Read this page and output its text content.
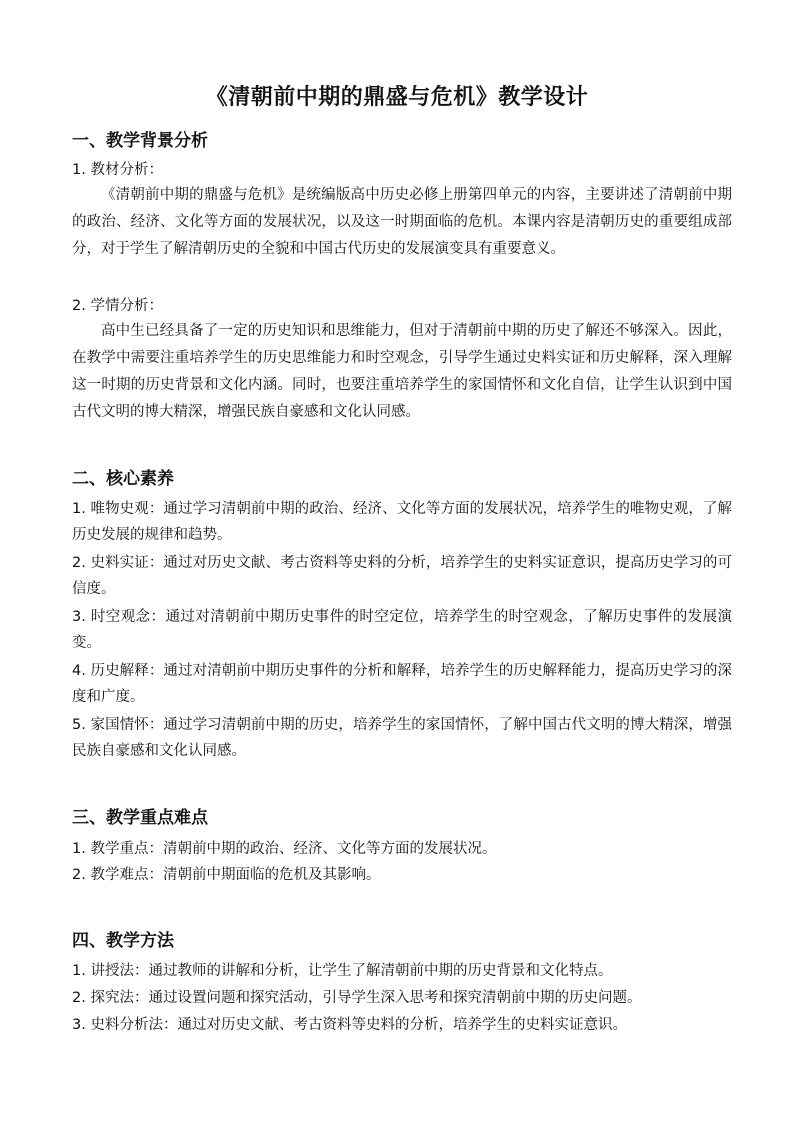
《清朝前中期的鼎盛与危机》教学设计
一、教学背景分析
1. 教材分析：
《清朝前中期的鼎盛与危机》是统编版高中历史必修上册第四单元的内容，主要讲述了清朝前中期的政治、经济、文化等方面的发展状况，以及这一时期面临的危机。本课内容是清朝历史的重要组成部分，对于学生了解清朝历史的全貌和中国古代历史的发展演变具有重要意义。
2. 学情分析：
高中生已经具备了一定的历史知识和思维能力，但对于清朝前中期的历史了解还不够深入。因此，在教学中需要注重培养学生的历史思维能力和时空观念，引导学生通过史料实证和历史解释，深入理解这一时期的历史背景和文化内涵。同时，也要注重培养学生的家国情怀和文化自信，让学生认识到中国古代文明的博大精深，增强民族自豪感和文化认同感。
二、核心素养
1. 唯物史观：通过学习清朝前中期的政治、经济、文化等方面的发展状况，培养学生的唯物史观，了解历史发展的规律和趋势。
2. 史料实证：通过对历史文献、考古资料等史料的分析，培养学生的史料实证意识，提高历史学习的可信度。
3. 时空观念：通过对清朝前中期历史事件的时空定位，培养学生的时空观念，了解历史事件的发展演变。
4. 历史解释：通过对清朝前中期历史事件的分析和解释，培养学生的历史解释能力，提高历史学习的深度和广度。
5. 家国情怀：通过学习清朝前中期的历史，培养学生的家国情怀，了解中国古代文明的博大精深，增强民族自豪感和文化认同感。
三、教学重点难点
1. 教学重点：清朝前中期的政治、经济、文化等方面的发展状况。
2. 教学难点：清朝前中期面临的危机及其影响。
四、教学方法
1. 讲授法：通过教师的讲解和分析，让学生了解清朝前中期的历史背景和文化特点。
2. 探究法：通过设置问题和探究活动，引导学生深入思考和探究清朝前中期的历史问题。
3. 史料分析法：通过对历史文献、考古资料等史料的分析，培养学生的史料实证意识。
